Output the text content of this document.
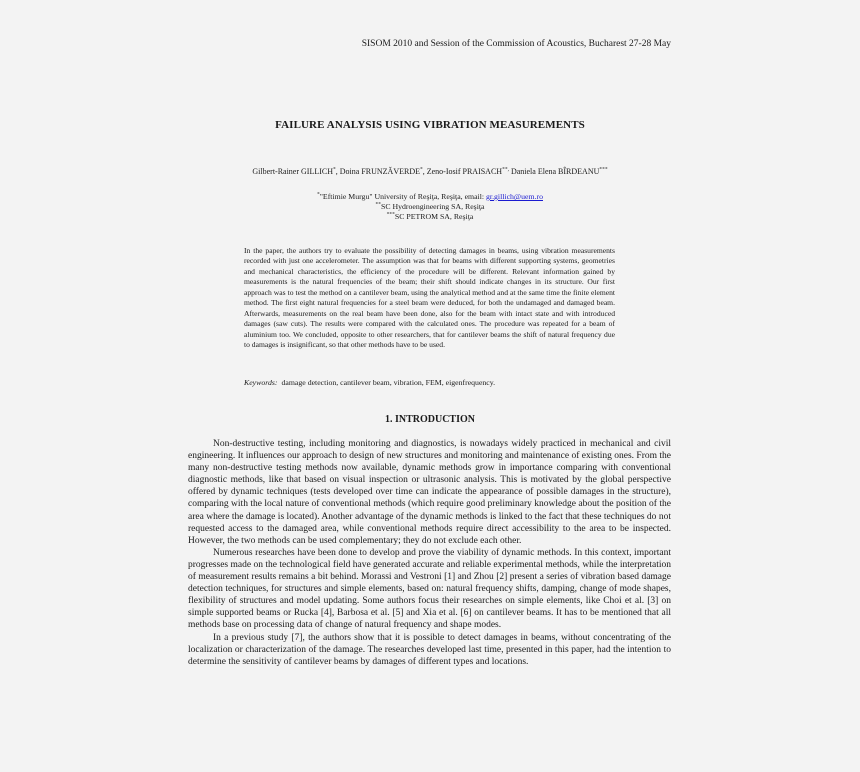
SISOM 2010 and Session of the Commission of Acoustics, Bucharest 27-28 May
FAILURE ANALYSIS USING VIBRATION MEASUREMENTS
Gilbert-Rainer GILLICH*, Doina FRUNZĂVERDE*, Zeno-Iosif PRAISACH**, Daniela Elena BÎRDEANU***
*"Eftimie Murgu" University of Reşiţa, Reşiţa, email: gr.gillich@uem.ro
**SC Hydroengineering SA, Reşiţa
***SC PETROM SA, Reşiţa
In the paper, the authors try to evaluate the possibility of detecting damages in beams, using vibration measurements recorded with just one accelerometer. The assumption was that for beams with different supporting systems, geometries and mechanical characteristics, the efficiency of the procedure will be different. Relevant information gained by measurements is the natural frequencies of the beam; their shift should indicate changes in its structure. Our first approach was to test the method on a cantilever beam, using the analytical method and at the same time the finite element method. The first eight natural frequencies for a steel beam were deduced, for both the undamaged and damaged beam. Afterwards, measurements on the real beam have been done, also for the beam with intact state and with introduced damages (saw cuts). The results were compared with the calculated ones. The procedure was repeated for a beam of aluminium too. We concluded, opposite to other researchers, that for cantilever beams the shift of natural frequency due to damages is insignificant, so that other methods have to be used.
Keywords: damage detection, cantilever beam, vibration, FEM, eigenfrequency.
1. INTRODUCTION

Non-destructive testing, including monitoring and diagnostics, is nowadays widely practiced in mechanical and civil engineering. It influences our approach to design of new structures and monitoring and maintenance of existing ones. From the many non-destructive testing methods now available, dynamic methods grow in importance comparing with conventional diagnostic methods, like that based on visual inspection or ultrasonic analysis. This is motivated by the global perspective offered by dynamic techniques (tests developed over time can indicate the appearance of possible damages in the structure), comparing with the local nature of conventional methods (which require good preliminary knowledge about the position of the area where the damage is located). Another advantage of the dynamic methods is linked to the fact that these techniques do not requested access to the damaged area, while conventional methods require direct accessibility to the area to be inspected. However, the two methods can be used complementary; they do not exclude each other.

Numerous researches have been done to develop and prove the viability of dynamic methods. In this context, important progresses made on the technological field have generated accurate and reliable experimental methods, while the interpretation of measurement results remains a bit behind. Morassi and Vestroni [1] and Zhou [2] present a series of vibration based damage detection techniques, for structures and simple elements, based on: natural frequency shifts, damping, change of mode shapes, flexibility of structures and model updating. Some authors focus their researches on simple elements, like Choi et al. [3] on simple supported beams or Rucka [4], Barbosa et al. [5] and Xia et al. [6] on cantilever beams. It has to be mentioned that all methods base on processing data of change of natural frequency and shape modes.

In a previous study [7], the authors show that it is possible to detect damages in beams, without concentrating of the localization or characterization of the damage. The researches developed last time, presented in this paper, had the intention to determine the sensitivity of cantilever beams by damages of different types and locations.
